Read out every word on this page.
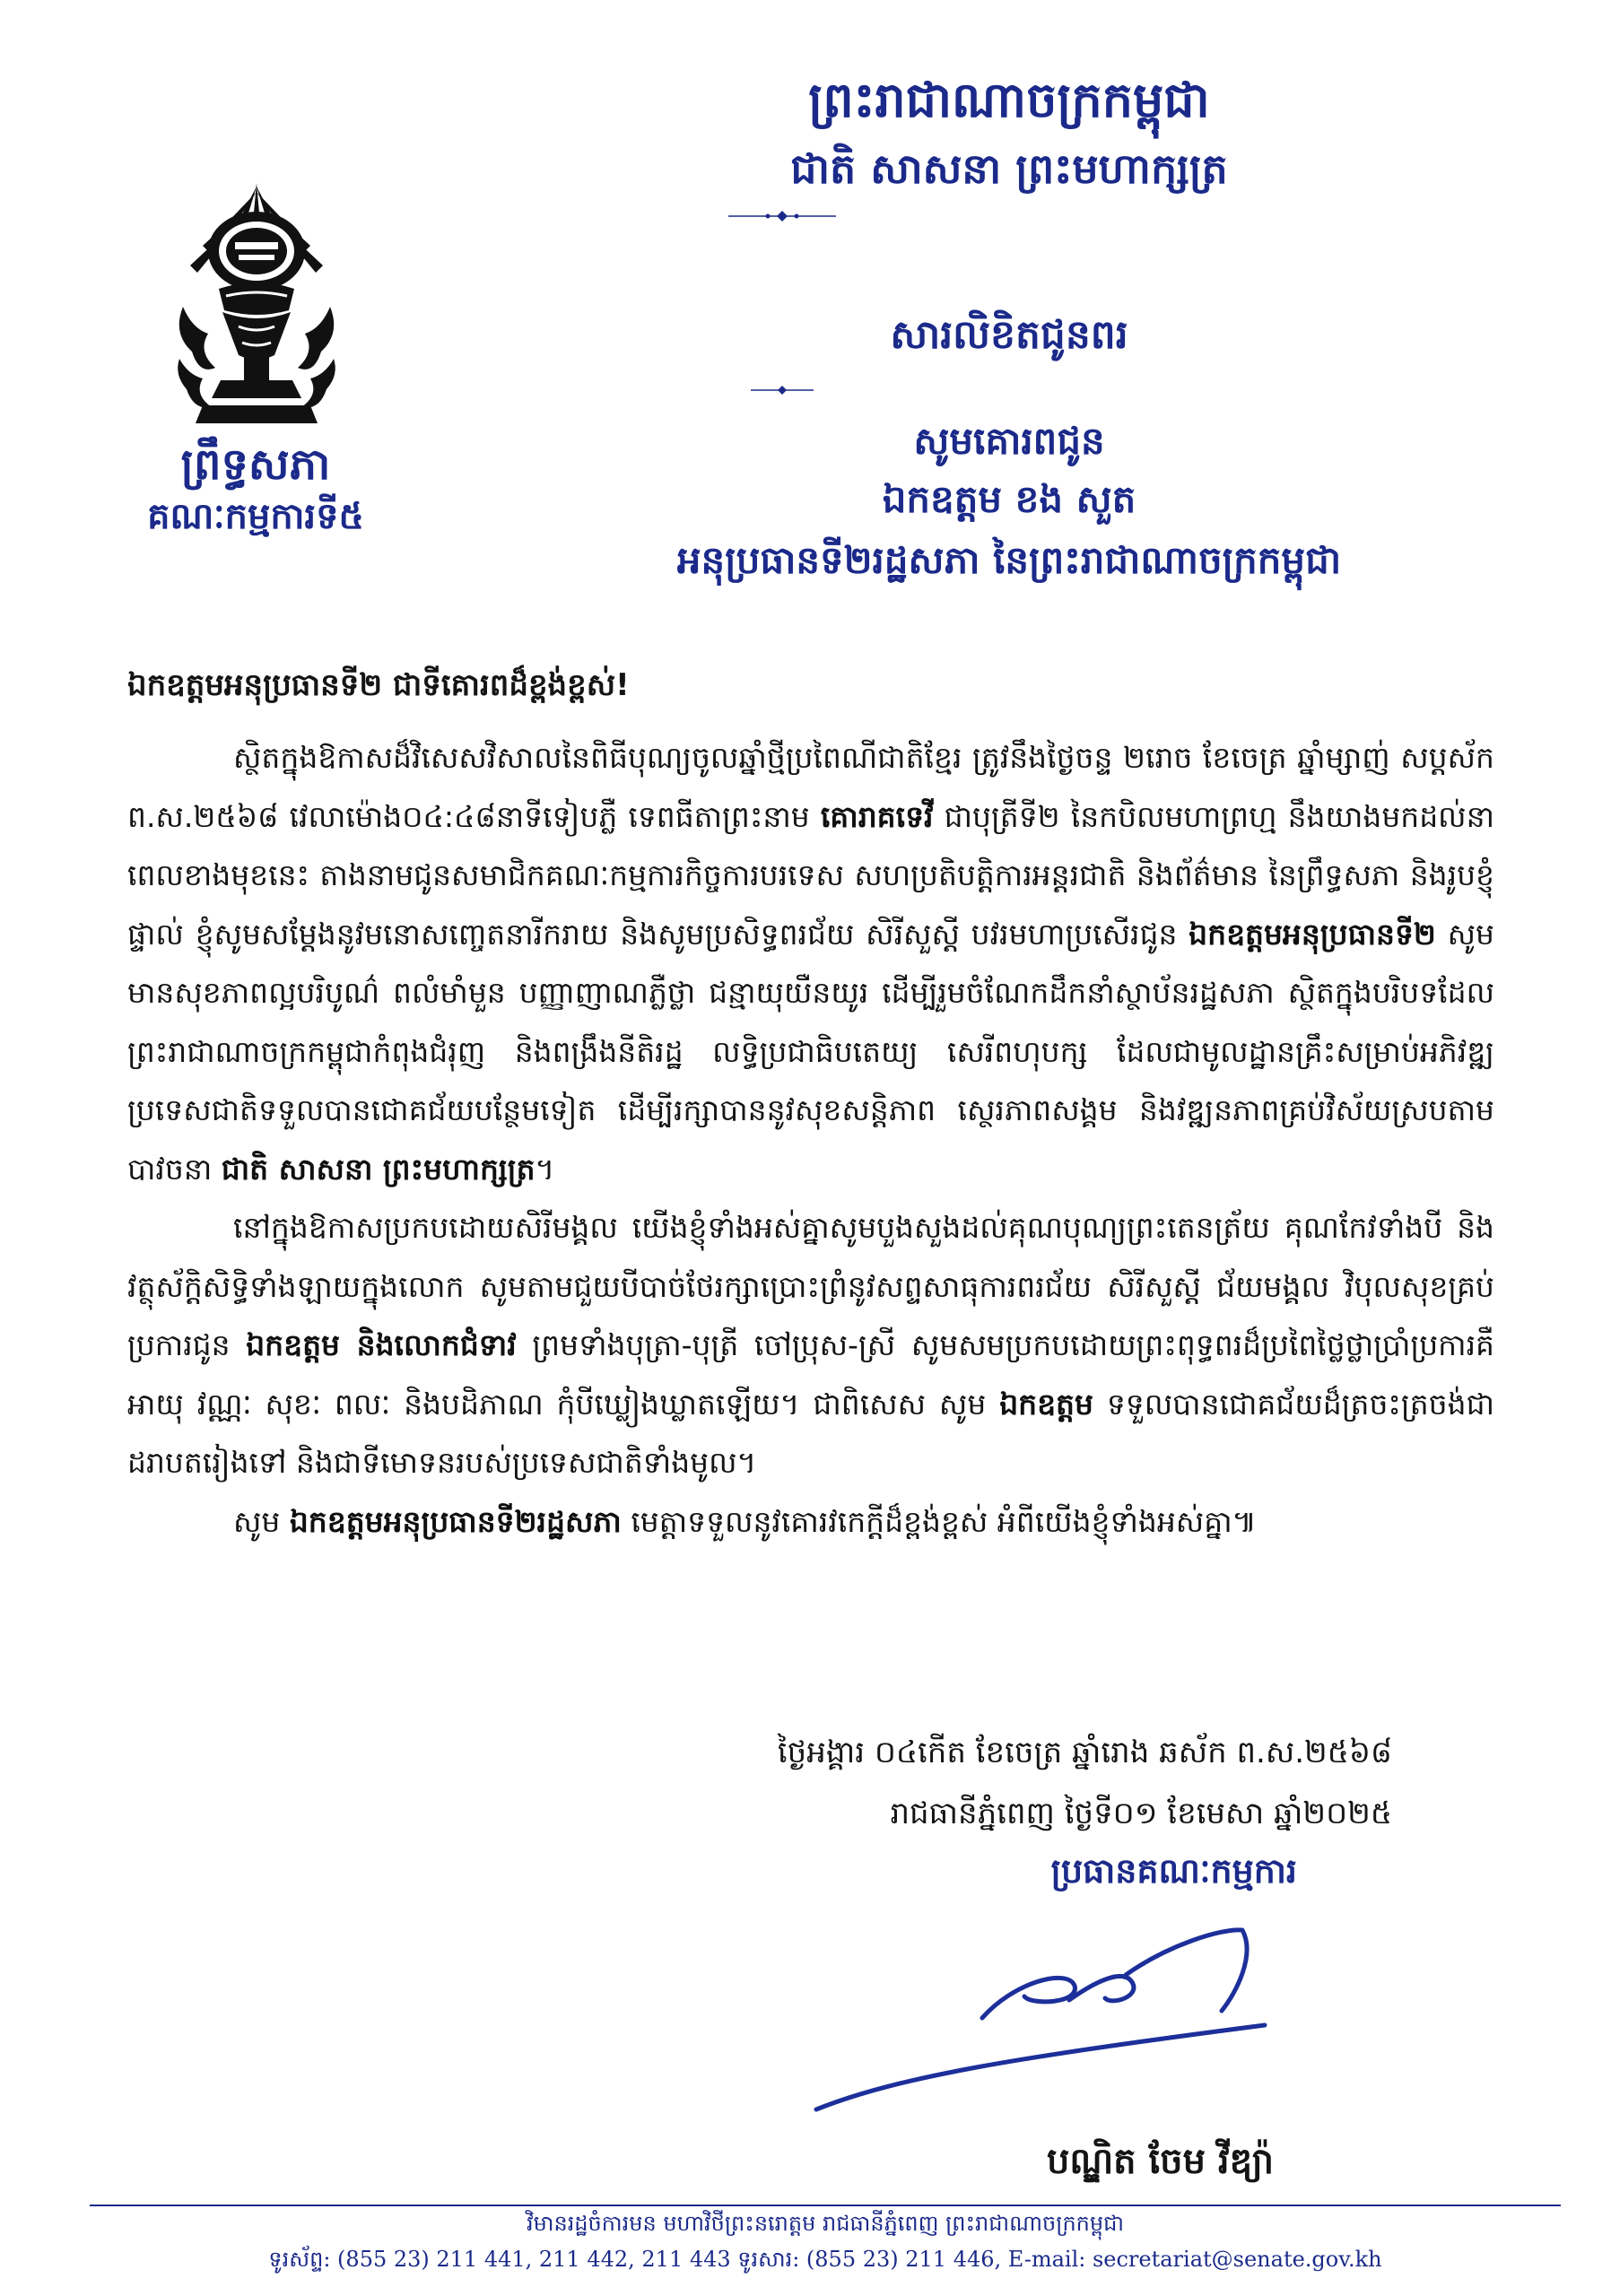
ព្រឹទ្ធសភា
គណៈកម្មការទី៥
ព្រះរាជាណាចក្រកម្ពុជា
ជាតិ សាសនា ព្រះមហាក្សត្រ
សារលិខិតជូនពរ
សូមគោរពជូន
ឯកឧត្តម ខង សួត
អនុប្រធានទី២រដ្ឋសភា នៃព្រះរាជាណាចក្រកម្ពុជា
ឯកឧត្តមអនុប្រធានទី២ ជាទីគោរពដ៏ខ្ពង់ខ្ពស់!

ស្ថិតក្នុងឱកាសដ៏វិសេសវិសាលនៃពិធីបុណ្យចូលឆ្នាំថ្មីប្រពៃណីជាតិខ្មែរ ត្រូវនឹងថ្ងៃចន្ទ ២រោច ខែចេត្រ ឆ្នាំម្សាញ់ សប្តស័ក ព.ស.២៥៦៨ វេលាម៉ោង០៤:៤៨នាទីទៀបភ្លឺ ទេពធីតាព្រះនាម គោរាគទេវី ជាបុត្រីទី២ នៃកបិលមហាព្រហ្ម នឹងយាងមកដល់នាពេលខាងមុខនេះ តាងនាមជូនសមាជិកគណៈកម្មការកិច្ចការបរទេស សហប្រតិបត្តិការអន្តរជាតិ និងព័ត៌មាន នៃព្រឹទ្ធសភា និងរូបខ្ញុំផ្ទាល់ ខ្ញុំសូមសម្តែងនូវមនោសញ្ចេតនារីករាយ និងសូមប្រសិទ្ធពរជ័យ សិរីសួស្តី បវរមហាប្រសើរជូន ឯកឧត្តមអនុប្រធានទី២ សូមមានសុខភាពល្អបរិបូណ៌ ពលំមាំមួន បញ្ញាញាណភ្លឺថ្លា ជន្មាយុយឺនយូរ ដើម្បីរួមចំណែកដឹកនាំស្ថាប័នរដ្ឋសភា ស្ថិតក្នុងបរិបទដែលព្រះរាជាណាចក្រកម្ពុជាកំពុងជំរុញ និងពង្រឹងនីតិរដ្ឋ លទ្ធិប្រជាធិបតេយ្យ សេរីពហុបក្ស ដែលជាមូលដ្ឋានគ្រឹះសម្រាប់អភិវឌ្ឍប្រទេសជាតិទទួលបានជោគជ័យបន្ថែមទៀត ដើម្បីរក្សាបាននូវសុខសន្តិភាព ស្ថេរភាពសង្គម និងវឌ្ឍនភាពគ្រប់វិស័យស្របតាមបាវចនា ជាតិ សាសនា ព្រះមហាក្សត្រ។

នៅក្នុងឱកាសប្រកបដោយសិរីមង្គល យើងខ្ញុំទាំងអស់គ្នាសូមបួងសួងដល់គុណបុណ្យព្រះតេនត្រ័យ គុណកែវទាំងបី និងវត្ថុស័ក្តិសិទ្ធិទាំងឡាយក្នុងលោក សូមតាមជួយបីបាច់ថែរក្សាប្រោះព្រំនូវសព្ទសាធុការពរជ័យ សិរីសួស្តី ជ័យមង្គល វិបុលសុខគ្រប់ប្រការជូន ឯកឧត្តម និងលោកជំទាវ ព្រមទាំងបុត្រា-បុត្រី ចៅប្រុស-ស្រី សូមសមប្រកបដោយព្រះពុទ្ធពរដ៏ប្រពៃថ្លៃថ្លាប្រាំប្រការគឺ អាយុ វណ្ណៈ សុខៈ ពលៈ និងបដិភាណ កុំបីឃ្លៀងឃ្លាតឡើយ។ ជាពិសេស សូម ឯកឧត្តម ទទួលបានជោគជ័យដ៏ត្រចះត្រចង់ជាដរាបតរៀងទៅ និងជាទីមោទនរបស់ប្រទេសជាតិទាំងមូល។

សូម ឯកឧត្តមអនុប្រធានទី២រដ្ឋសភា មេត្តាទទួលនូវគោរវកេក្តីដ៏ខ្ពង់ខ្ពស់ អំពីយើងខ្ញុំទាំងអស់គ្នា៕

ថ្ងៃអង្គារ ០៤កើត ខែចេត្រ ឆ្នាំរោង ឆស័ក ព.ស.២៥៦៨
រាជធានីភ្នំពេញ ថ្ងៃទី០១ ខែមេសា ឆ្នាំ២០២៥
ប្រធានគណៈកម្មការ
បណ្ឌិត ចែម វីឌ្យ៉ា
វិមានរដ្ឋចំការមន មហាវិថីព្រះនរោត្តម រាជធានីភ្នំពេញ ព្រះរាជាណាចក្រកម្ពុជា
ទូរស័ព្ទ: (855 23) 211 441, 211 442, 211 443 ទូរសារ: (855 23) 211 446, E-mail: secretariat@senate.gov.kh
